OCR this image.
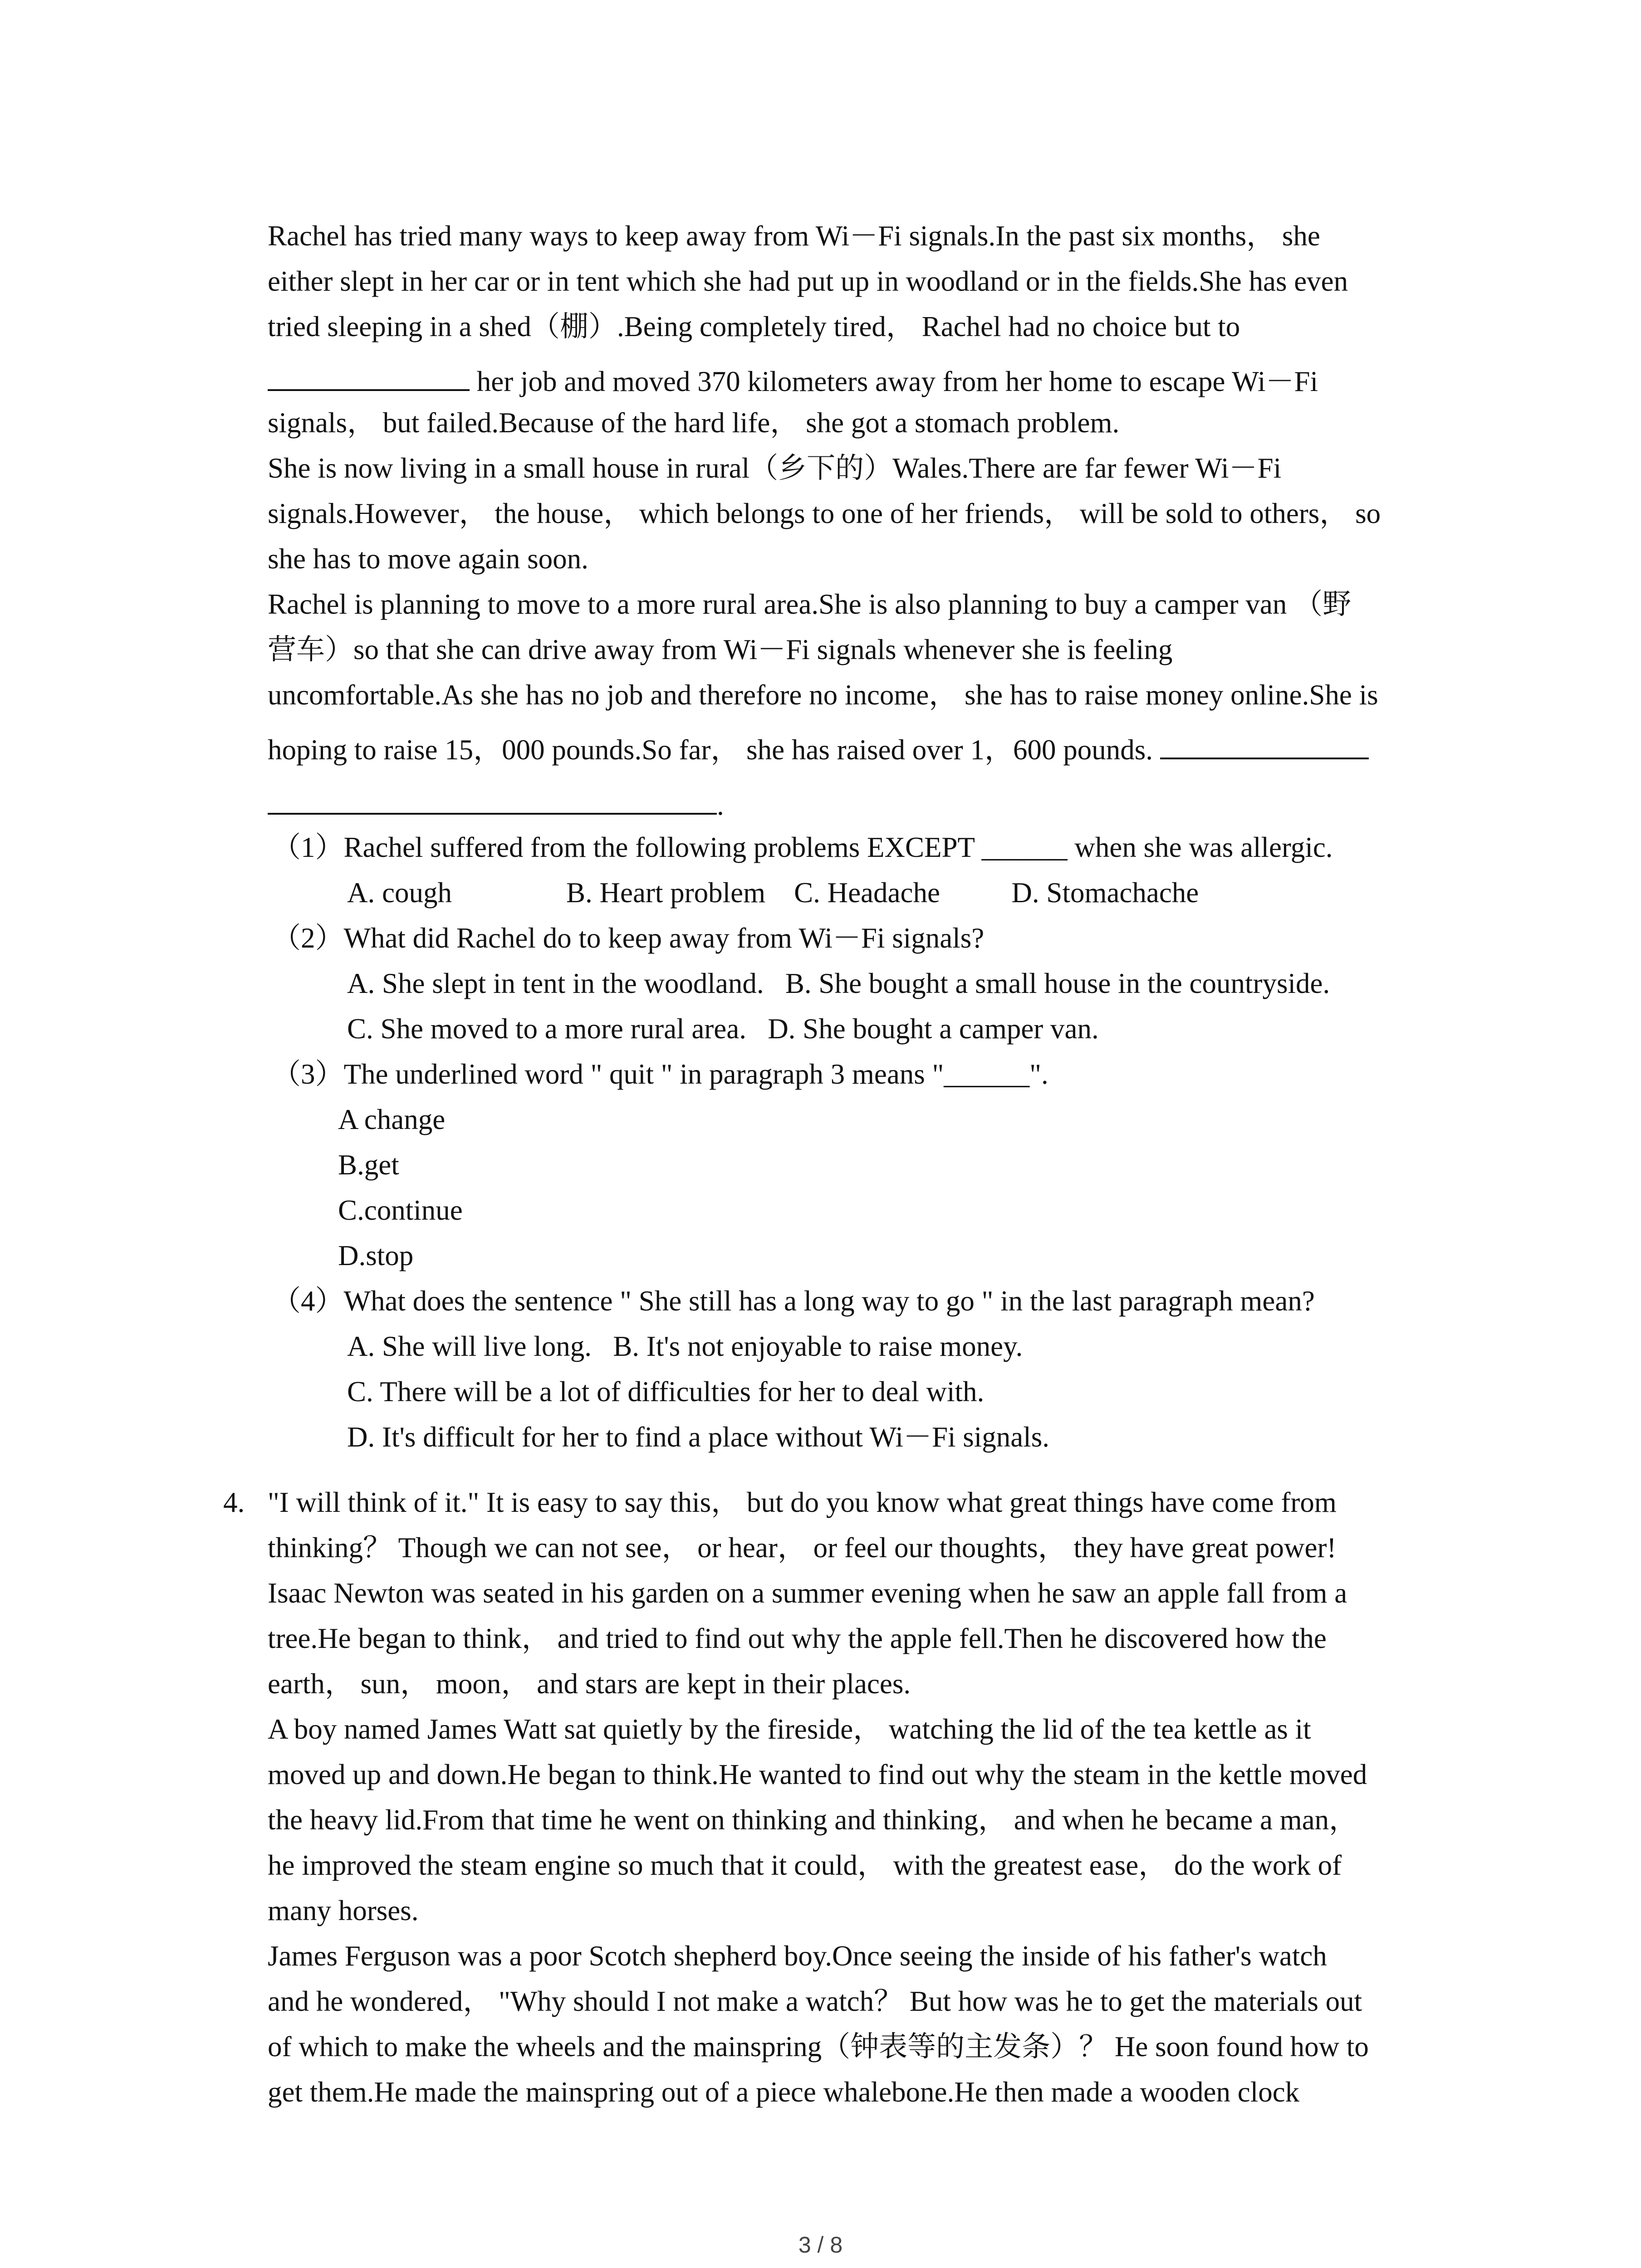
Rachel has tried many ways to keep away from Wi－Fi signals.In the past six months， she

either slept in her car or in tent which she had put up in woodland or in the fields.She has even

tried sleeping in a shed（棚）.Being completely tired， Rachel had no choice but to

her job and moved 370 kilometers away from her home to escape Wi－Fi

signals， but failed.Because of the hard life， she got a stomach problem.

She is now living in a small house in rural（乡下的）Wales.There are far fewer Wi－Fi

signals.However， the house， which belongs to one of her friends， will be sold to others， so

she has to move again soon.

Rachel is planning to move to a more rural area.She is also planning to buy a camper van （野

营车）so that she can drive away from Wi－Fi signals whenever she is feeling

uncomfortable.As she has no job and therefore no income， she has to raise money online.She is

hoping to raise 15，000 pounds.So far， she has raised over 1，600 pounds.

.

（1）Rachel suffered from the following problems EXCEPT ______ when she was allergic.

A. cough                B. Heart problem    C. Headache          D. Stomachache

（2）What did Rachel do to keep away from Wi－Fi signals?

A. She slept in tent in the woodland.   B. She bought a small house in the countryside.

C. She moved to a more rural area.   D. She bought a camper van.

（3）The underlined word " quit " in paragraph 3 means "______".

A change

B.get

C.continue

D.stop

（4）What does the sentence " She still has a long way to go " in the last paragraph mean?

A. She will live long.   B. It's not enjoyable to raise money.

C. There will be a lot of difficulties for her to deal with.

D. It's difficult for her to find a place without Wi－Fi signals.

4. "I will think of it." It is easy to say this， but do you know what great things have come from

thinking？ Though we can not see， or hear， or feel our thoughts， they have great power!

Isaac Newton was seated in his garden on a summer evening when he saw an apple fall from a

tree.He began to think， and tried to find out why the apple fell.Then he discovered how the

earth， sun， moon， and stars are kept in their places.

A boy named James Watt sat quietly by the fireside， watching the lid of the tea kettle as it

moved up and down.He began to think.He wanted to find out why the steam in the kettle moved

the heavy lid.From that time he went on thinking and thinking， and when he became a man，

he improved the steam engine so much that it could， with the greatest ease， do the work of

many horses.

James Ferguson was a poor Scotch shepherd boy.Once seeing the inside of his father's watch

and he wondered， "Why should I not make a watch？ But how was he to get the materials out

of which to make the wheels and the mainspring（钟表等的主发条）？ He soon found how to

get them.He made the mainspring out of a piece whalebone.He then made a wooden clock

3 / 8
